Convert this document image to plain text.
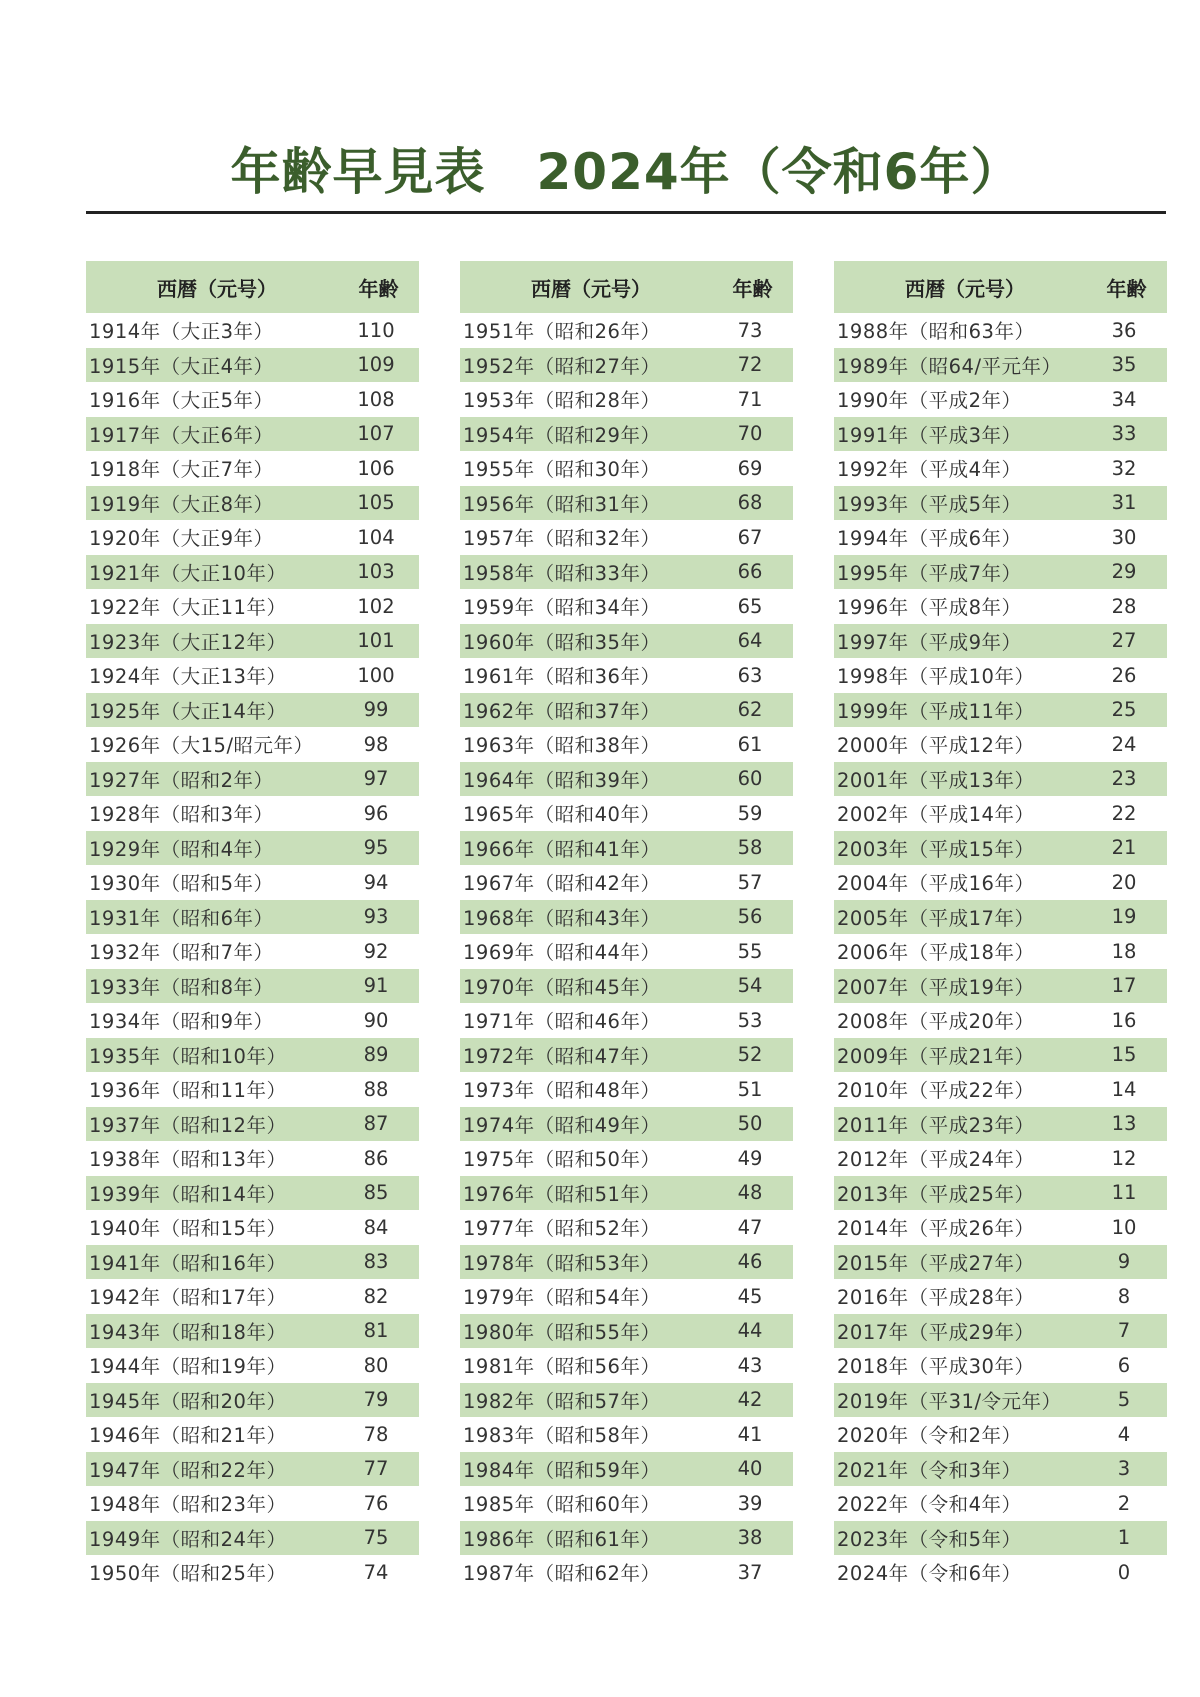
年齢早見表　2024年（令和6年）
西暦（元号）	年齢
1914年（大正3年）	110
1915年（大正4年）	109
1916年（大正5年）	108
1917年（大正6年）	107
1918年（大正7年）	106
1919年（大正8年）	105
1920年（大正9年）	104
1921年（大正10年）	103
1922年（大正11年）	102
1923年（大正12年）	101
1924年（大正13年）	100
1925年（大正14年）	99
1926年（大15/昭元年）	98
1927年（昭和2年）	97
1928年（昭和3年）	96
1929年（昭和4年）	95
1930年（昭和5年）	94
1931年（昭和6年）	93
1932年（昭和7年）	92
1933年（昭和8年）	91
1934年（昭和9年）	90
1935年（昭和10年）	89
1936年（昭和11年）	88
1937年（昭和12年）	87
1938年（昭和13年）	86
1939年（昭和14年）	85
1940年（昭和15年）	84
1941年（昭和16年）	83
1942年（昭和17年）	82
1943年（昭和18年）	81
1944年（昭和19年）	80
1945年（昭和20年）	79
1946年（昭和21年）	78
1947年（昭和22年）	77
1948年（昭和23年）	76
1949年（昭和24年）	75
1950年（昭和25年）	74
西暦（元号）	年齢
1951年（昭和26年）	73
1952年（昭和27年）	72
1953年（昭和28年）	71
1954年（昭和29年）	70
1955年（昭和30年）	69
1956年（昭和31年）	68
1957年（昭和32年）	67
1958年（昭和33年）	66
1959年（昭和34年）	65
1960年（昭和35年）	64
1961年（昭和36年）	63
1962年（昭和37年）	62
1963年（昭和38年）	61
1964年（昭和39年）	60
1965年（昭和40年）	59
1966年（昭和41年）	58
1967年（昭和42年）	57
1968年（昭和43年）	56
1969年（昭和44年）	55
1970年（昭和45年）	54
1971年（昭和46年）	53
1972年（昭和47年）	52
1973年（昭和48年）	51
1974年（昭和49年）	50
1975年（昭和50年）	49
1976年（昭和51年）	48
1977年（昭和52年）	47
1978年（昭和53年）	46
1979年（昭和54年）	45
1980年（昭和55年）	44
1981年（昭和56年）	43
1982年（昭和57年）	42
1983年（昭和58年）	41
1984年（昭和59年）	40
1985年（昭和60年）	39
1986年（昭和61年）	38
1987年（昭和62年）	37
西暦（元号）	年齢
1988年（昭和63年）	36
1989年（昭64/平元年）	35
1990年（平成2年）	34
1991年（平成3年）	33
1992年（平成4年）	32
1993年（平成5年）	31
1994年（平成6年）	30
1995年（平成7年）	29
1996年（平成8年）	28
1997年（平成9年）	27
1998年（平成10年）	26
1999年（平成11年）	25
2000年（平成12年）	24
2001年（平成13年）	23
2002年（平成14年）	22
2003年（平成15年）	21
2004年（平成16年）	20
2005年（平成17年）	19
2006年（平成18年）	18
2007年（平成19年）	17
2008年（平成20年）	16
2009年（平成21年）	15
2010年（平成22年）	14
2011年（平成23年）	13
2012年（平成24年）	12
2013年（平成25年）	11
2014年（平成26年）	10
2015年（平成27年）	9
2016年（平成28年）	8
2017年（平成29年）	7
2018年（平成30年）	6
2019年（平31/令元年）	5
2020年（令和2年）	4
2021年（令和3年）	3
2022年（令和4年）	2
2023年（令和5年）	1
2024年（令和6年）	0
